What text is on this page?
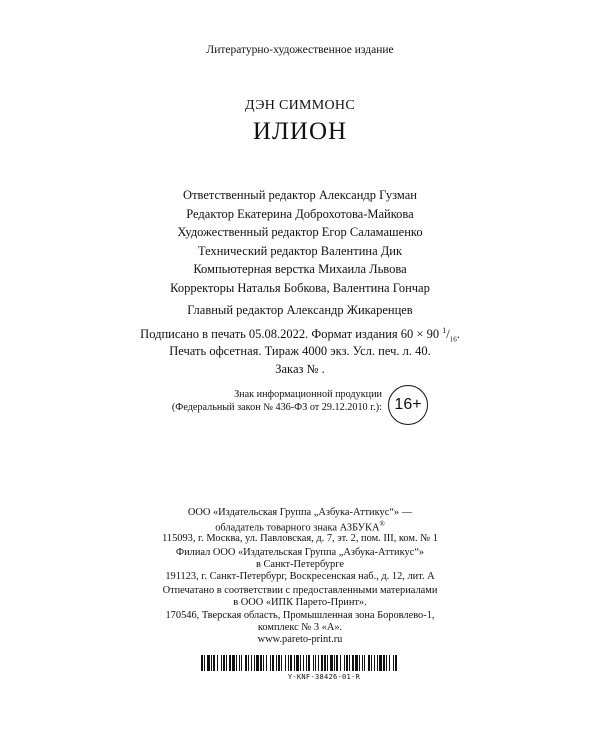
Литературно-художественное издание
ДЭН СИММОНС
ИЛИОН
Ответственный редактор Александр Гузман
Редактор Екатерина Доброхотова-Майкова
Художественный редактор Егор Саламашенко
Технический редактор Валентина Дик
Компьютерная верстка Михаила Львова
Корректоры Наталья Бобкова, Валентина Гончар
Главный редактор Александр Жикаренцев
Подписано в печать 05.08.2022. Формат издания 60 × 90 $^1/_{16}$.
Печать офсетная. Тираж 4000 экз. Усл. печ. л. 40.
Заказ № .
Знак информационной продукции
(Федеральный закон № 436-ФЗ от 29.12.2010 г.): 16+
ООО «Издательская Группа „Азбука-Аттикус“» —
обладатель товарного знака АЗБУКА®
115093, г. Москва, ул. Павловская, д. 7, эт. 2, пом. III, ком. № 1
Филиал ООО «Издательская Группа „Азбука-Аттикус“»
в Санкт-Петербурге
191123, г. Санкт-Петербург, Воскресенская наб., д. 12, лит. А
Отпечатано в соответствии с предоставленными материалами
в ООО «ИПК Парето-Принт».
170546, Тверская область, Промышленная зона Боровлево-1,
комплекс № 3 «А».
www.pareto-print.ru
Y-KNF-38426-01-R
